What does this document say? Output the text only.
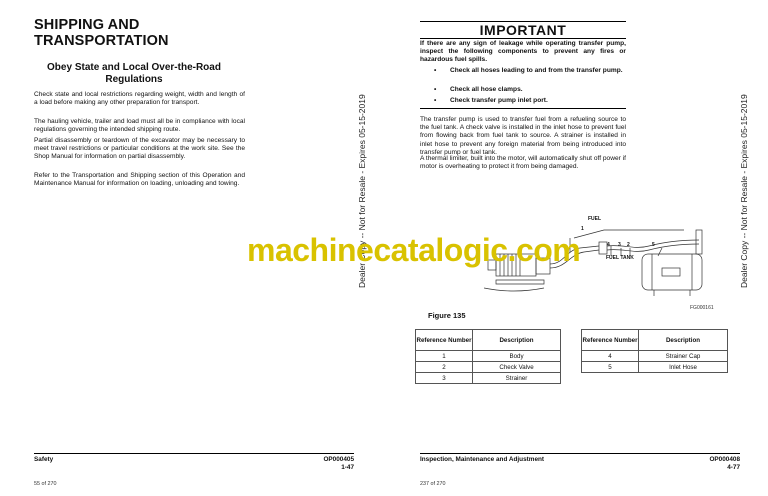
SHIPPING AND
TRANSPORTATION
Obey State and Local Over-the-Road
Regulations
Check state and local restrictions regarding weight, width and length of a load before making any other preparation for transport.
The hauling vehicle, trailer and load must all be in compliance with local regulations governing the intended shipping route.
Partial disassembly or teardown of the excavator may be necessary to meet travel restrictions or particular conditions at the work site. See the Shop Manual for information on partial disassembly.
Refer to the Transportation and Shipping section of this Operation and Maintenance Manual for information on loading, unloading and towing.
Safety	OP000405
1-47
55 of 270
Dealer Copy -- Not for Resale - Expires 05-15-2019
IMPORTANT
If there are any sign of leakage while operating transfer pump, inspect the following components to prevent any fires or hazardous fuel spills.
• Check all hoses leading to and from the transfer pump.
• Check all hose clamps.
• Check transfer pump inlet port.
The transfer pump is used to transfer fuel from a refueling source to the fuel tank. A check valve is installed in the inlet hose to prevent fuel from flowing back from fuel tank to source. A strainer is installed in inlet hose to prevent any foreign material from being introduced into transfer pump or fuel tank.
A thermal limiter, built into the motor, will automatically shut off power if motor is overheating to protect it from being damaged.
FUEL
FUEL TANK
1
4 3 2	5
FG000161
Figure 135
Reference Number	Description
1	Body
2	Check Valve
3	Strainer
Reference Number	Description
4	Strainer Cap
5	Inlet Hose
Inspection, Maintenance and Adjustment	OP000408
4-77
237 of 270
Dealer Copy -- Not for Resale - Expires 05-15-2019
machinecatalogic.com
